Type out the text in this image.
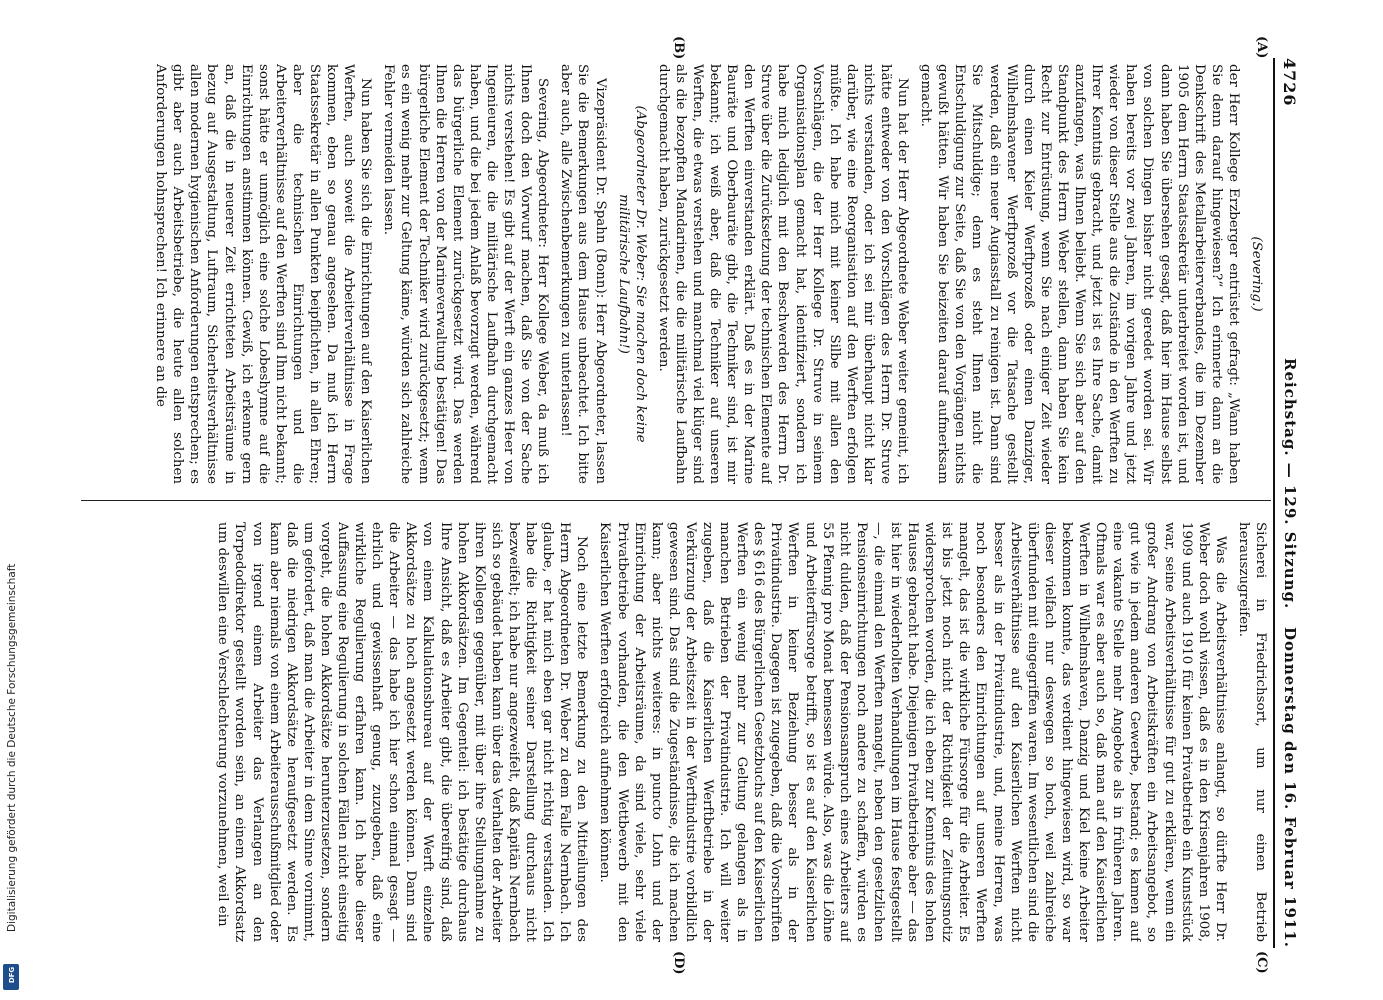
4726
Reichstag. — 129. Sitzung.
Donnerstag den 16. Februar 1911.
(A)
(B)
(C)
(D)

(Severing.)

der Herr Kollege Erzberger entrüstet gefragt: „Wann haben Sie denn darauf hingewiesen?“ Ich erinnerte dann an die Denkschrift des Metallarbeiterverbandes, die im Dezember 1905 dem Herrn Staatssekretär unterbreitet worden ist, und dann haben Sie übersehen gesagt, daß hier im Hause selbst von solchen Dingen bisher nicht geredet worden sei. Wir haben bereits vor zwei Jahren, im vorigen Jahre und jetzt wieder von dieser Stelle aus die Zustände in den Werften zu Ihrer Kenntnis gebracht, und jetzt ist es Ihre Sache, damit anzufangen, was Ihnen beliebt. Wenn Sie sich aber auf den Standpunkt des Herrn Weber stellen, dann haben Sie kein Recht zur Entrüstung, wenn Sie nach einiger Zeit wieder durch einen Kieler Werftprozeß oder einen Danziger, Wilhelmshavener Werftprozeß vor die Tatsache gestellt werden, daß ein neuer Augiasstall zu reinigen ist. Dann sind Sie Mitschuldige; denn es steht Ihnen nicht die Entschuldigung zur Seite, daß Sie von den Vorgängen nichts gewußt hätten. Wir haben Sie beizeiten darauf aufmerksam gemacht.

Nun hat der Herr Abgeordnete Weber weiter gemeint, ich hätte entweder von den Vorschlägen des Herrn Dr. Struve nichts verstanden, oder ich sei mir überhaupt nicht klar darüber, wie eine Reorganisation auf den Werften erfolgen müßte. Ich habe mich mit keiner Silbe mit allen den Vorschlägen, die der Herr Kollege Dr. Struve in seinem Organisationsplan gemacht hat, identifiziert, sondern ich habe mich lediglich mit den Beschwerden des Herrn Dr. Struve über die Zurücksetzung der technischen Elemente auf den Werften einverstanden erklärt. Daß es in der Marine Bauräte und Oberbauräte gibt, die Techniker sind, ist mir bekannt; ich weiß aber, daß die Techniker auf unseren Werften, die etwas verstehen und manchmal viel klüger sind als die bezopften Mandarinen, die die militärische Laufbahn durchgemacht haben, zurückgesetzt werden.

(Abgeordneter Dr. Weber: Sie machen doch keine militärische Laufbahn!)

Vizepräsident Dr. Spahn (Bonn): Herr Abgeordneter, lassen Sie die Bemerkungen aus dem Hause unbeachtet. Ich bitte aber auch, alle Zwischenbemerkungen zu unterlassen!

Severing, Abgeordneter: Herr Kollege Weber, da muß ich Ihnen doch den Vorwurf machen, daß Sie von der Sache nichts verstehen! Es gibt auf der Werft ein ganzes Heer von Ingenieuren, die die militärische Laufbahn durchgemacht haben, und die bei jedem Anlaß bevorzugt werden, während das bürgerliche Element zurückgesetzt wird. Das werden Ihnen die Herren von der Marineverwaltung bestätigen! Das bürgerliche Element der Techniker wird zurückgesetzt; wenn es ein wenig mehr zur Geltung käme, würden sich zahlreiche Fehler vermeiden lassen.

Nun haben Sie sich die Einrichtungen auf den Kaiserlichen Werften, auch soweit die Arbeiterverhältnisse in Frage kommen, eben so genau angesehen. Da muß ich Herrn Staatssekretär in allen Punkten beipflichten, in allen Ehren; aber die technischen Einrichtungen und die Arbeiterverhältnisse auf den Werften sind Ihm nicht bekannt; sonst hätte er unmöglich eine solche Lobeshymne auf die Einrichtungen anstimmen können. Gewiß, ich erkenne gern an, daß die in neuerer Zeit errichteten Arbeitsräume in bezug auf Ausgestaltung, Luftraum, Sicherheitsverhältnisse allen modernen hygienischen Anforderungen entsprechen; es gibt aber auch Arbeitsbetriebe, die heute allen solchen Anforderungen hohnsprechen! Ich erinnere an die

Sicherei in Friedrichsort, um nur einen Betrieb herauszugreifen.

Was die Arbeitsverhältnisse anlangt, so dürfte Herr Dr. Weber doch wohl wissen, daß es in den Krisenjahren 1908, 1909 und auch 1910 für keinen Privatbetrieb ein Kunststück war, seine Arbeitsverhältnisse für gut zu erklären, wenn ein großer Andrang von Arbeitskräften ein Arbeitsangebot, so gut wie in jedem anderen Gewerbe, bestand; es kamen auf eine vakante Stelle mehr Angebote als in früheren Jahren. Oftmals war es aber auch so, daß man auf den Kaiserlichen Werften in Wilhelmshaven, Danzig und Kiel keine Arbeiter bekommen konnte, das verdient hingewiesen wird, so war dieser vielfach nur deswegen so hoch, weil zahlreiche überfunden mit eingegriffen waren. Im wesentlichen sind die Arbeitsverhältnisse auf den Kaiserlichen Werften nicht besser als in der Privatindustrie, und, meine Herren, was noch besonders den Einrichtungen auf unseren Werften mangelt, das ist die wirkliche Fürsorge für die Arbeiter. Es ist bis jetzt noch nicht der Richtigkeit der Zeitungsnotiz widersprochen worden, die ich eben zur Kenntnis des hohen Hauses gebracht habe. Diejenigen Privatbetriebe aber — das ist hier in wiederholten Verhandlungen im Hause festgestellt —, die einmal den Werften mangelt, neben den gesetzlichen Pensionseinrichtungen noch andere zu schaffen, würden es nicht dulden, daß der Pensionsanspruch eines Arbeiters auf 55 Pfennig pro Monat bemessen würde. Also, was die Löhne und Arbeiterfürsorge betrifft, so ist es auf den Kaiserlichen Werften in keiner Beziehung besser als in der Privatindustrie. Dagegen ist zugegeben, daß die Vorschriften des § 616 des Bürgerlichen Gesetzbuchs auf den Kaiserlichen Werften ein wenig mehr zur Geltung gelangen als in manchen Betrieben der Privatindustrie. Ich will weiter zugeben, daß die Kaiserlichen Werftbetriebe in der Verkürzung der Arbeitszeit in der Werftindustrie vorbildlich gewesen sind. Das sind die Zugeständnisse, die ich machen kann; aber nichts weiteres: in puncto Lohn und der Einrichtung der Arbeitsräume, da sind viele, sehr viele Privatbetriebe vorhanden, die den Wettbewerb mit den Kaiserlichen Werften erfolgreich aufnehmen können.

Noch eine letzte Bemerkung zu den Mitteilungen des Herrn Abgeordneten Dr. Weber zu dem Falle Nernbach. Ich glaube, er hat mich eben gar nicht richtig verstanden. Ich habe die Richtigkeit seiner Darstellung durchaus nicht bezweifelt; ich habe nur angezweifelt, daß Kapitän Nernbach sich so gebäudet haben kann über das Verhalten der Arbeiter ihren Kollegen gegenüber, mit über ihre Stellungnahme zu hohen Akkordsätzen. Im Gegenteil: ich bestätige durchaus Ihre Ansicht, daß es Arbeiter gibt, die übereifrig sind, daß von einem Kalkulationsbureau auf der Werft einzelne Akkordsätze zu hoch angesetzt werden können. Dann sind die Arbeiter — das habe ich hier schon einmal gesagt — ehrlich und gewissenhaft genug, zuzugeben, daß eine wirkliche Regulierung erfahren kann. Ich habe dieser Auffassung eine Regulierung in solchen Fällen nicht einseitig vorgeht, die hohen Akkordsätze herunterzusetzen, sondern um gefordert, daß man die Arbeiter in dem Sinne vornimmt, daß die niedrigen Akkordsätze heraufgesetzt werden. Es kann aber niemals von einem Arbeiterausschußmitglied oder von irgend einem Arbeiter das Verlangen an den Torpedodirektor gestellt worden sein, an einem Akkordsatz um deswillen eine Verschlechterung vorzunehmen, weil ein

Digitalisierung gefördert durch die Deutsche Forschungsgemeinschaft
DFG
